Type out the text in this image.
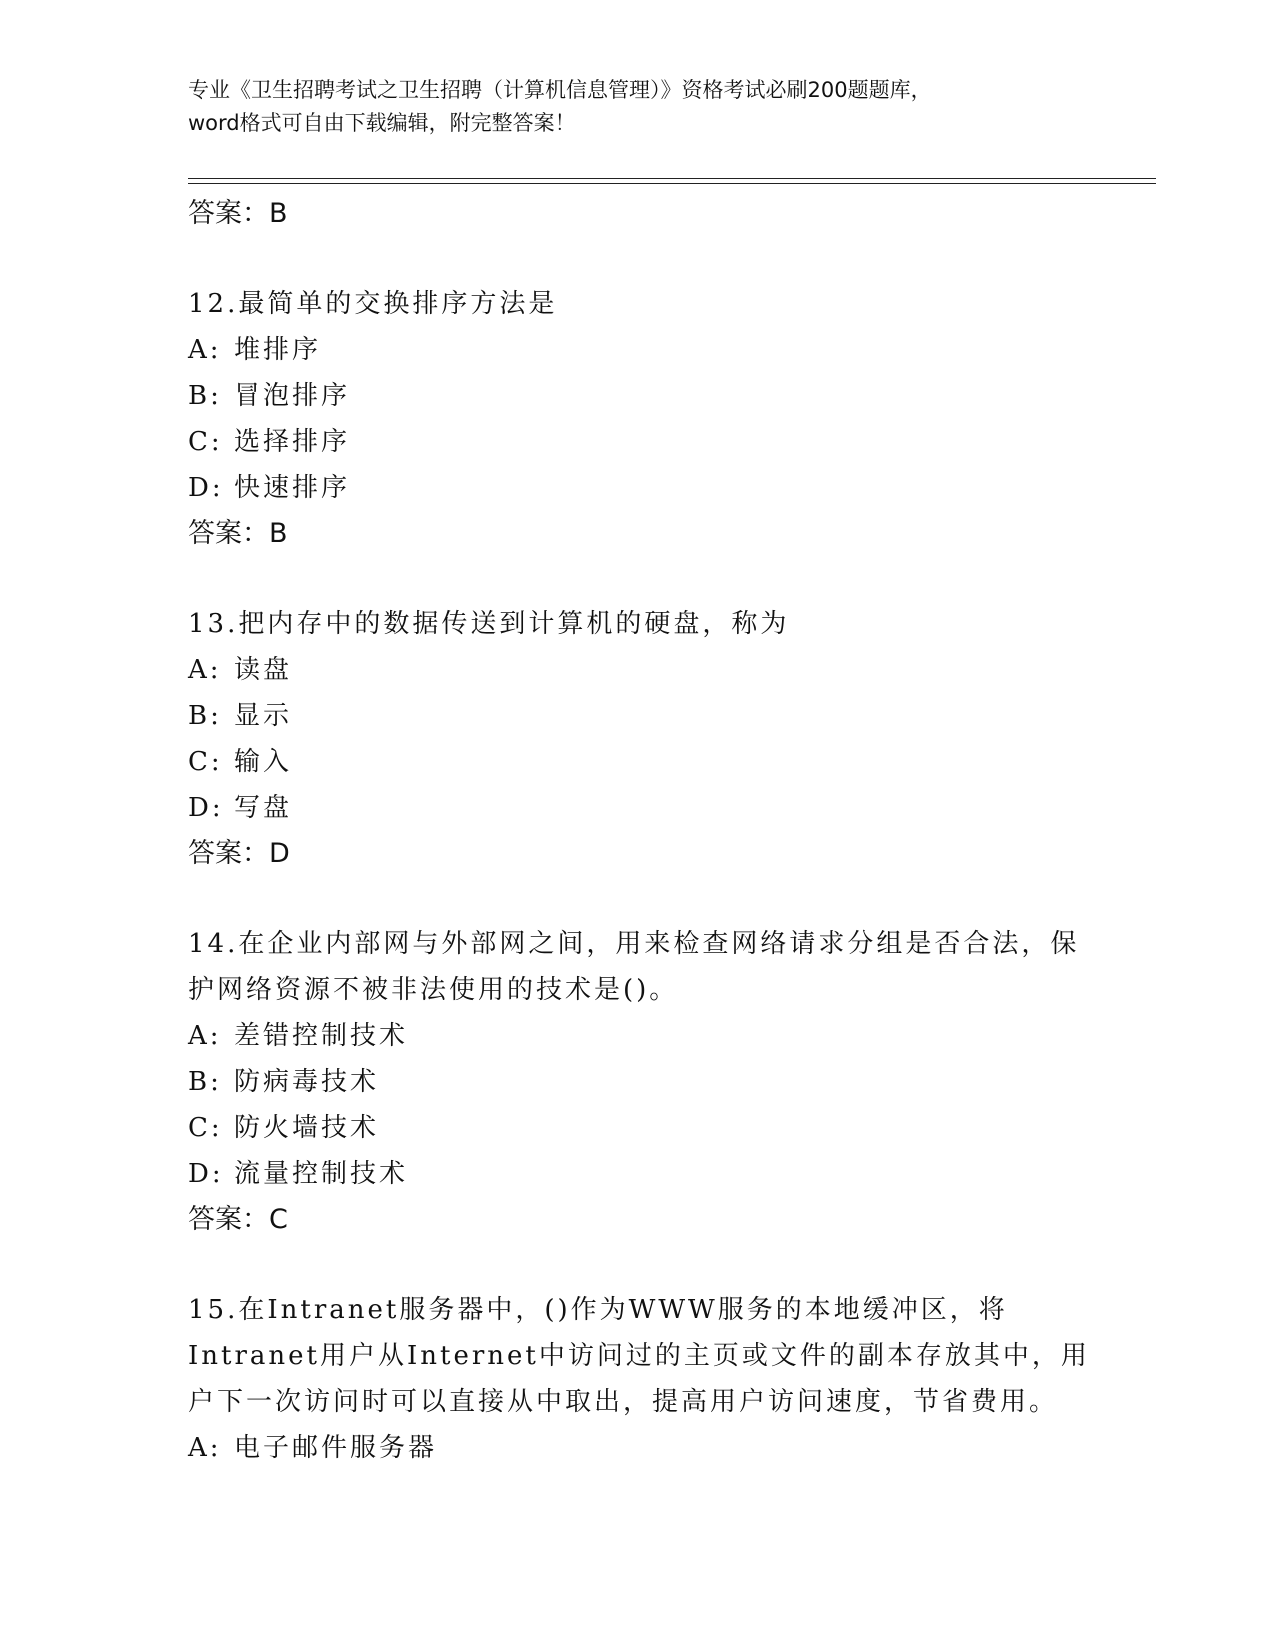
专业《卫生招聘考试之卫生招聘（计算机信息管理）》资格考试必刷200题题库，
word格式可自由下载编辑，附完整答案！
答案：B
12.最简单的交换排序方法是
A: 堆排序
B: 冒泡排序
C: 选择排序
D: 快速排序
答案：B
13.把内存中的数据传送到计算机的硬盘，称为
A: 读盘
B: 显示
C: 输入
D: 写盘
答案：D
14.在企业内部网与外部网之间，用来检查网络请求分组是否合法，保
护网络资源不被非法使用的技术是()。
A: 差错控制技术
B: 防病毒技术
C: 防火墙技术
D: 流量控制技术
答案：C
15.在Intranet服务器中，()作为WWW服务的本地缓冲区，将
Intranet用户从Internet中访问过的主页或文件的副本存放其中，用
户下一次访问时可以直接从中取出，提高用户访问速度，节省费用。
A: 电子邮件服务器
